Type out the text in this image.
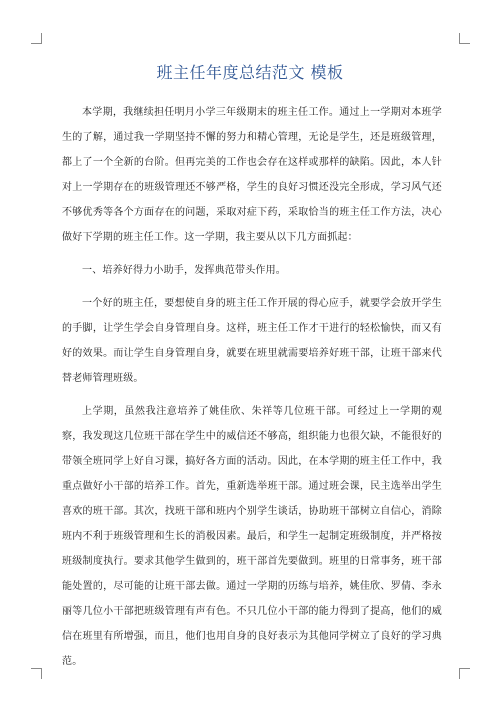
班主任年度总结范文 模板

本学期，我继续担任明月小学三年级期末的班主任工作。通过上一学期对本班学生的了解，通过我一学期坚持不懈的努力和精心管理，无论是学生，还是班级管理，都上了一个全新的台阶。但再完美的工作也会存在这样或那样的缺陷。因此，本人针对上一学期存在的班级管理还不够严格，学生的良好习惯还没完全形成，学习风气还不够优秀等各个方面存在的问题，采取对症下药，采取恰当的班主任工作方法，决心做好下学期的班主任工作。这一学期，我主要从以下几方面抓起：

一、培养好得力小助手，发挥典范带头作用。

一个好的班主任，要想使自身的班主任工作开展的得心应手，就要学会放开学生的手脚，让学生学会自身管理自身。这样，班主任工作才干进行的轻松愉快，而又有好的效果。而让学生自身管理自身，就要在班里就需要培养好班干部，让班干部来代替老师管理班级。

上学期，虽然我注意培养了姚佳欣、朱祥等几位班干部。可经过上一学期的观察，我发现这几位班干部在学生中的威信还不够高，组织能力也很欠缺，不能很好的带领全班同学上好自习课，搞好各方面的活动。因此，在本学期的班主任工作中，我重点做好小干部的培养工作。首先，重新选举班干部。通过班会课，民主选举出学生喜欢的班干部。其次，找班干部和班内个别学生谈话，协助班干部树立自信心，消除班内不利于班级管理和生长的消极因素。最后，和学生一起制定班级制度，并严格按班级制度执行。要求其他学生做到的，班干部首先要做到。班里的日常事务，班干部能处置的，尽可能的让班干部去做。通过一学期的历练与培养，姚佳欣、罗倩、李永丽等几位小干部把班级管理有声有色。不只几位小干部的能力得到了提高，他们的威信在班里有所增强，而且，他们也用自身的良好表示为其他同学树立了良好的学习典范。
